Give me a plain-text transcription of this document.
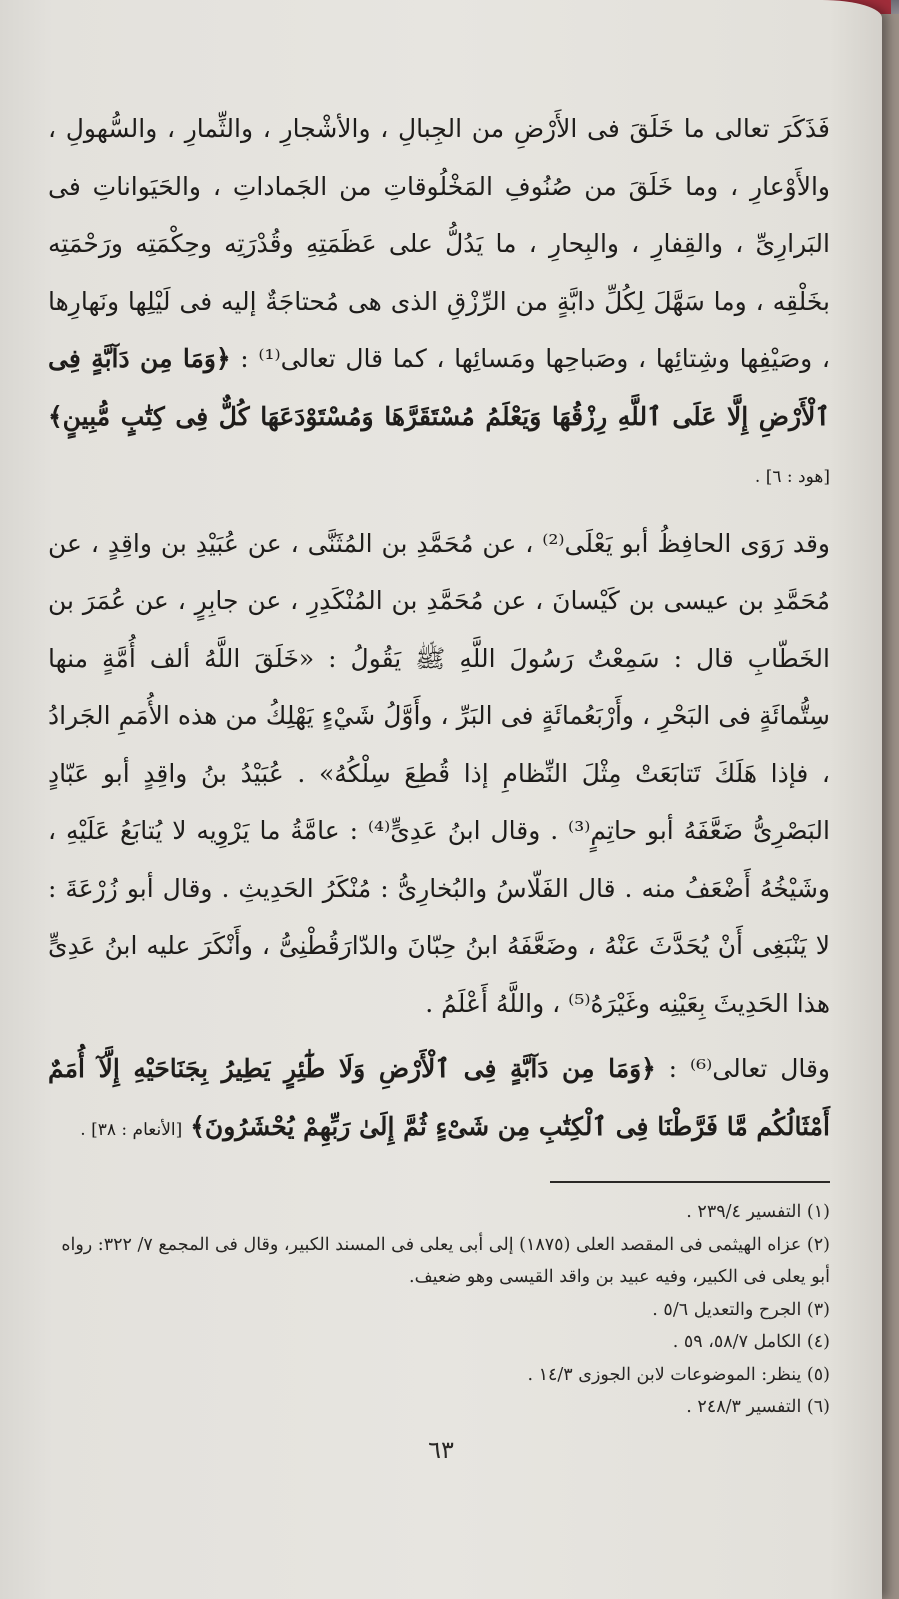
فَذَكَرَ تعالى ما خَلَقَ فى الأَرْضِ من الجِبالِ ، والأشْجارِ ، والثِّمارِ ، والسُّهولِ ، والأَوْعارِ ، وما خَلَقَ من صُنُوفِ المَخْلُوقاتِ من الجَماداتِ ، والحَيَواناتِ فى البَرارِىِّ ، والقِفارِ ، والبِحارِ ، ما يَدُلُّ على عَظَمَتِهِ وقُدْرَتِه وحِكْمَتِه ورَحْمَتِه بخَلْقِه ، وما سَهَّلَ لِكُلِّ دابَّةٍ من الرِّزْقِ الذى هى مُحتاجَةٌ إليه فى لَيْلِها ونَهارِها ، وصَيْفِها وشِتائِها ، وصَباحِها ومَسائِها ، كما قال تعالى⁽¹⁾ : ﴿وَمَا مِن دَآبَّةٍ فِى ٱلْأَرْضِ إِلَّا عَلَى ٱللَّهِ رِزْقُهَا وَيَعْلَمُ مُسْتَقَرَّهَا وَمُسْتَوْدَعَهَا كُلٌّ فِى كِتَٰبٍ مُّبِينٍ﴾ [هود : ٦] .

وقد رَوَى الحافِظُ أبو يَعْلَى⁽²⁾ ، عن مُحَمَّدِ بن المُثَنَّى ، عن عُبَيْدِ بن واقِدٍ ، عن مُحَمَّدِ بن عيسى بن كَيْسانَ ، عن مُحَمَّدِ بن المُنْكَدِرِ ، عن جابِرٍ ، عن عُمَرَ بن الخَطّابِ قال : سَمِعْتُ رَسُولَ اللَّهِ ﷺ يَقُولُ : «خَلَقَ اللَّهُ ألف أُمَّةٍ منها سِتُّمائَةٍ فى البَحْرِ ، وأَرْبَعُمائَةٍ فى البَرِّ ، وأَوَّلُ شَيْءٍ يَهْلِكُ من هذه الأُمَمِ الجَرادُ ، فإذا هَلَكَ تَتابَعَتْ مِثْلَ النِّظامِ إذا قُطِعَ سِلْكُهُ» . عُبَيْدُ بنُ واقِدٍ أبو عَبّادٍ البَصْرِىُّ ضَعَّفَهُ أبو حاتِمٍ⁽³⁾ . وقال ابنُ عَدِىٍّ⁽⁴⁾ : عامَّةُ ما يَرْوِيه لا يُتابَعُ عَلَيْهِ ، وشَيْخُهُ أَضْعَفُ منه . قال الفَلّاسُ والبُخارِىُّ : مُنْكَرُ الحَدِيثِ . وقال أبو زُرْعَةَ : لا يَنْبَغِى أَنْ يُحَدَّثَ عَنْهُ ، وضَعَّفَهُ ابنُ حِبّانَ والدّارَقُطْنِىُّ ، وأَنْكَرَ عليه ابنُ عَدِىٍّ هذا الحَدِيثَ بِعَيْنِه وغَيْرَهُ⁽⁵⁾ ، واللَّهُ أَعْلَمُ .

وقال تعالى⁽⁶⁾ : ﴿وَمَا مِن دَآبَّةٍ فِى ٱلْأَرْضِ وَلَا طَٰٓئِرٍ يَطِيرُ بِجَنَاحَيْهِ إِلَّآ أُمَمٌ أَمْثَالُكُم مَّا فَرَّطْنَا فِى ٱلْكِتَٰبِ مِن شَىْءٍ ثُمَّ إِلَىٰ رَبِّهِمْ يُحْشَرُونَ﴾ [الأنعام : ٣٨] .

(١) التفسير ٢٣٩/٤ .
(٢) عزاه الهيثمى فى المقصد العلى (١٨٧٥) إلى أبى يعلى فى المسند الكبير، وقال فى المجمع ٧/ ٣٢٢: رواه أبو يعلى فى الكبير، وفيه عبيد بن واقد القيسى وهو ضعيف.
(٣) الجرح والتعديل ٥/٦ .
(٤) الكامل ٥٨/٧، ٥٩ .
(٥) ينظر: الموضوعات لابن الجوزى ١٤/٣ .
(٦) التفسير ٢٤٨/٣ .
٦٣
